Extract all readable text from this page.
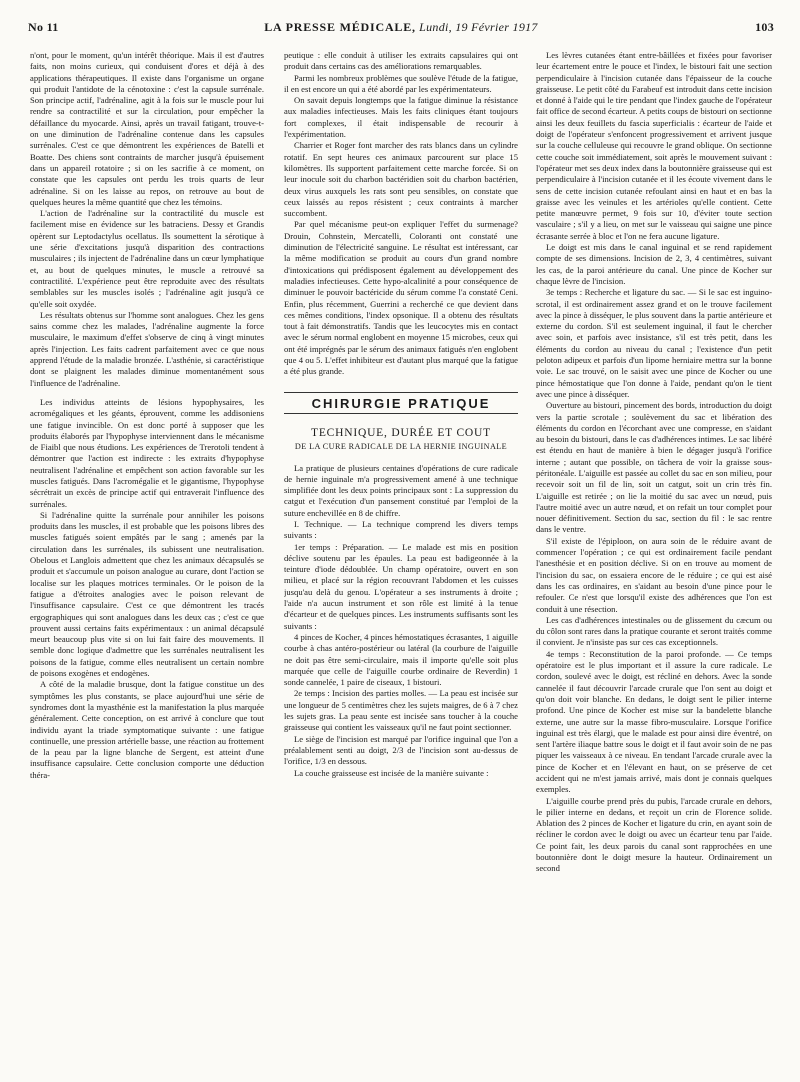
No 11	LA PRESSE MÉDICALE, Lundi, 19 Février 1917	103

n'ont, pour le moment, qu'un intérêt théorique. Mais il est d'autres faits, non moins curieux, qui conduisent d'ores et déjà à des applications thérapeutiques. Il existe dans l'organisme un organe qui produit l'antidote de la cénotoxine : c'est la capsule surrénale. Son principe actif, l'adrénaline, agit à la fois sur le muscle pour lui rendre sa contractilité et sur la circulation, pour empêcher la défaillance du myocarde. Ainsi, après un travail fatigant, trouve-t-on une diminution de l'adrénaline contenue dans les capsules surrénales. C'est ce que démontrent les expériences de Batelli et Boatte. Des chiens sont contraints de marcher jusqu'à épuisement dans un appareil rotatoire ; si on les sacrifie à ce moment, on constate que les capsules ont perdu les trois quarts de leur adrénaline. Si on les laisse au repos, on retrouve au bout de quelques heures la même quantité que chez les témoins.

L'action de l'adrénaline sur la contractilité du muscle est facilement mise en évidence sur les batraciens. Dessy et Grandis opèrent sur Leptodactylus ocellatus. Ils soumettent la sérotique à une série d'excitations jusqu'à disparition des contractions musculaires ; ils injectent de l'adrénaline dans un cœur lymphatique et, au bout de quelques minutes, le muscle a retrouvé sa contractilité. L'expérience peut être reproduite avec des résultats semblables sur les muscles isolés ; l'adrénaline agit jusqu'à ce qu'elle soit oxydée.

Les résultats obtenus sur l'homme sont analogues. Chez les gens sains comme chez les malades, l'adrénaline augmente la force musculaire, le maximum d'effet s'observe de cinq à vingt minutes après l'injection. Les faits cadrent parfaitement avec ce que nous apprend l'étude de la maladie bronzée. L'asthénie, si caractéristique dont se plaignent les malades diminue momentanément sous l'influence de l'adrénaline.

Les individus atteints de lésions hypophysaires, les acromégaliques et les géants, éprouvent, comme les addisoniens une fatigue invincible. On est donc porté à supposer que les produits élaborés par l'hypophyse interviennent dans le mécanisme de Fiaibl que nous étudions. Les expériences de Trerotoli tendent à démontrer que l'action est indirecte : les extraits d'hypophyse neutralisent l'adrénaline et empêchent son action favorable sur les muscles fatigués. Dans l'acromégalie et le gigantisme, l'hypophyse sécrétrait un excès de principe actif qui entraverait l'influence des surrénales.

Si l'adrénaline quitte la surrénale pour annihiler les poisons produits dans les muscles, il est probable que les poisons libres des muscles fatigués soient empâtés par le sang ; amenés par la circulation dans les surrénales, ils subissent une neutralisation. Obelous et Langlois admettent que chez les animaux décapsulés se produit et s'accumule un poison analogue au curare, dont l'action se localise sur les plaques motrices terminales. Or le poison de la fatigue a d'étroites analogies avec le poison relevant de l'insuffisance capsulaire. C'est ce que démontrent les tracés ergographiques qui sont analogues dans les deux cas ; c'est ce que prouvent aussi certains faits expérimentaux : un animal décapsulé meurt beaucoup plus vite si on lui fait faire des mouvements. Il semble donc logique d'admettre que les surrénales neutralisent les poisons de la fatigue, comme elles neutralisent un certain nombre de poisons exogènes et endogènes.

A côté de la maladie brusque, dont la fatigue constitue un des symptômes les plus constants, se place aujourd'hui une série de syndromes dont la myasthénie est la manifestation la plus marquée généralement. Cette conception, on est arrivé à conclure que tout individu ayant la triade symptomatique suivante : une fatigue continuelle, une pression artérielle basse, une réaction au frottement de la peau par la ligne blanche de Sergent, est atteint d'une insuffisance capsulaire. Cette conclusion comporte une déduction théra-

peutique : elle conduit à utiliser les extraits capsulaires qui ont produit dans certains cas des améliorations remarquables.

Parmi les nombreux problèmes que soulève l'étude de la fatigue, il en est encore un qui a été abordé par les expérimentateurs.

On savait depuis longtemps que la fatigue diminue la résistance aux maladies infectieuses. Mais les faits cliniques étant toujours fort complexes, il était indispensable de recourir à l'expérimentation.

Charrier et Roger font marcher des rats blancs dans un cylindre rotatif. En sept heures ces animaux parcourent sur place 15 kilomètres. Ils supportent parfaitement cette marche forcée. Si on leur inocule soit du charbon bactéridien soit du charbon bactérien, deux virus auxquels les rats sont peu sensibles, on constate que ceux laissés au repos résistent ; ceux contraints à marcher succombent.

Par quel mécanisme peut-on expliquer l'effet du surmenage? Drouin, Cohnstein, Mercatelli, Coloranti ont constaté une diminution de l'électricité sanguine. Le résultat est intéressant, car la même modification se produit au cours d'un grand nombre d'intoxications qui prédisposent également au développement des maladies infectieuses. Cette hypo-alcalinité a pour conséquence de diminuer le pouvoir bactéricide du sérum comme l'a constaté Ceni. Enfin, plus récemment, Guerrini a recherché ce que devient dans ces mêmes conditions, l'index opsonique. Il a obtenu des résultats tout à fait démonstratifs. Tandis que les leucocytes mis en contact avec le sérum normal englobent en moyenne 15 microbes, ceux qui ont été imprégnés par le sérum des animaux fatigués n'en englobent que 4 ou 5. L'effet inhibiteur est d'autant plus marqué que la fatigue a été plus grande.

CHIRURGIE PRATIQUE
TECHNIQUE, DURÉE ET COUT
DE LA CURE RADICALE DE LA HERNIE INGUINALE

La pratique de plusieurs centaines d'opérations de cure radicale de hernie inguinale m'a progressivement amené à une technique simplifiée dont les deux points principaux sont : La suppression du catgut et l'exécution d'un pansement constitué par l'emploi de la suture enchevillée en 8 de chiffre.

I. Technique. — La technique comprend les divers temps suivants :

1er temps : Préparation. — Le malade est mis en position déclive soutenu par les épaules. La peau est badigeonnée à la teinture d'iode dédoublée. Un champ opératoire, ouvert en son milieu, et placé sur la région recouvrant l'abdomen et les cuisses jusqu'au delà du genou. L'opérateur a ses instruments à droite ; l'aide n'a aucun instrument et son rôle est limité à la tenue d'écarteur et de quelques pinces. Les instruments suffisants sont les suivants :

4 pinces de Kocher, 4 pinces hémostatiques écrasantes, 1 aiguille courbe à chas antéro-postérieur ou latéral (la courbure de l'aiguille ne doit pas être semi-circulaire, mais il importe qu'elle soit plus marquée que celle de l'aiguille courbe ordinaire de Reverdin) 1 sonde cannelée, 1 paire de ciseaux, 1 bistouri.

2e temps : Incision des parties molles. — La peau est incisée sur une longueur de 5 centimètres chez les sujets maigres, de 6 à 7 chez les sujets gras. La peau sente est incisée sans toucher à la couche graisseuse qui contient les vaisseaux qu'il ne faut point sectionner.

Le siège de l'incision est marqué par l'orifice inguinal que l'on a préalablement senti au doigt, 2/3 de l'incision sont au-dessus de l'orifice, 1/3 en dessous.

La couche graisseuse est incisée de la manière suivante :

Les lèvres cutanées étant entre-bâillées et fixées pour favoriser leur écartement entre le pouce et l'index, le bistouri fait une section perpendiculaire à l'incision cutanée dans l'épaisseur de la couche graisseuse. Le petit côté du Farabeuf est introduit dans cette incision et donné à l'aide qui le tire pendant que l'index gauche de l'opérateur fait office de second écarteur. A petits coups de bistouri on sectionne ainsi les deux feuillets du fascia superficialis : écarteur de l'aide et doigt de l'opérateur s'enfoncent progressivement et arrivent jusque sur la couche celluleuse qui recouvre le grand oblique. On sectionne cette couche soit immédiatement, soit après le mouvement suivant : l'opérateur met ses deux index dans la boutonnière graisseuse qui est perpendiculaire à l'incision cutanée et il les écoute vivement dans le sens de cette incision cutanée refoulant ainsi en haut et en bas la graisse avec les veinules et les artérioles qu'elle contient. Cette petite manœuvre permet, 9 fois sur 10, d'éviter toute section vasculaire ; s'il y a lieu, on met sur le vaisseau qui saigne une pince écrasante serrée à bloc et l'on ne fera aucune ligature.

Le doigt est mis dans le canal inguinal et se rend rapidement compte de ses dimensions. Incision de 2, 3, 4 centimètres, suivant les cas, de la paroi antérieure du canal. Une pince de Kocher sur chaque lèvre de l'incision.

3e temps : Recherche et ligature du sac. — Si le sac est inguino-scrotal, il est ordinairement assez grand et on le trouve facilement avec la pince à disséquer, le plus souvent dans la partie antérieure et externe du cordon. S'il est seulement inguinal, il faut le chercher avec soin, et parfois avec insistance, s'il est très petit, dans les éléments du cordon au niveau du canal ; l'existence d'un petit peloton adipeux et parfois d'un lipome herniaire mettra sur la bonne voie. Le sac trouvé, on le saisit avec une pince de Kocher ou une pince hémostatique que l'on donne à l'aide, pendant qu'on le tient avec une pince à disséquer.

Ouverture au bistouri, pincement des bords, introduction du doigt vers la partie scrotale ; soulèvement du sac et libération des éléments du cordon en l'écorchant avec une compresse, en s'aidant au besoin du bistouri, dans le cas d'adhérences intimes. Le sac libéré est étendu en haut de manière à bien le dégager jusqu'à l'orifice interne ; autant que possible, on tâchera de voir la graisse sous-péritonéale. L'aiguille est passée au collet du sac en son milieu, pour recevoir soit un fil de lin, soit un catgut, soit un crin très fin. L'aiguille est retirée ; on lie la moitié du sac avec un nœud, puis l'autre moitié avec un autre nœud, et on refait un tour complet pour nouer définitivement. Section du sac, section du fil : le sac rentre dans le ventre.

S'il existe de l'épiploon, on aura soin de le réduire avant de commencer l'opération ; ce qui est ordinairement facile pendant l'anesthésie et en position déclive. Si on en trouve au moment de l'incision du sac, on essaiera encore de le réduire ; ce qui est aisé dans les cas ordinaires, en s'aidant au besoin d'une pince pour le refouler. Ce n'est que lorsqu'il existe des adhérences que l'on est conduit à une résection.

Les cas d'adhérences intestinales ou de glissement du cæcum ou du côlon sont rares dans la pratique courante et seront traités comme il convient. Je n'insiste pas sur ces cas exceptionnels.

4e temps : Reconstitution de la paroi profonde. — Ce temps opératoire est le plus important et il assure la cure radicale. Le cordon, soulevé avec le doigt, est récliné en dehors. Avec la sonde cannelée il faut découvrir l'arcade crurale que l'on sent au doigt et qu'on doit voir blanche. En dedans, le doigt sent le pilier interne profond. Une pince de Kocher est mise sur la bandelette blanche externe, une autre sur la masse fibro-musculaire. Lorsque l'orifice inguinal est très élargi, que le malade est pour ainsi dire éventré, on sent l'artère iliaque battre sous le doigt et il faut avoir soin de ne pas piquer les vaisseaux à ce niveau. En tendant l'arcade crurale avec la pince de Kocher et en l'élevant en haut, on se préserve de cet accident qui ne m'est jamais arrivé, mais dont je connais quelques exemples.

L'aiguille courbe prend près du pubis, l'arcade crurale en dehors, le pilier interne en dedans, et reçoit un crin de Florence solide. Ablation des 2 pinces de Kocher et ligature du crin, en ayant soin de récliner le cordon avec le doigt ou avec un écarteur tenu par l'aide. Ce point fait, les deux parois du canal sont rapprochées en une boutonnière dont le doigt mesure la hauteur. Ordinairement un second
